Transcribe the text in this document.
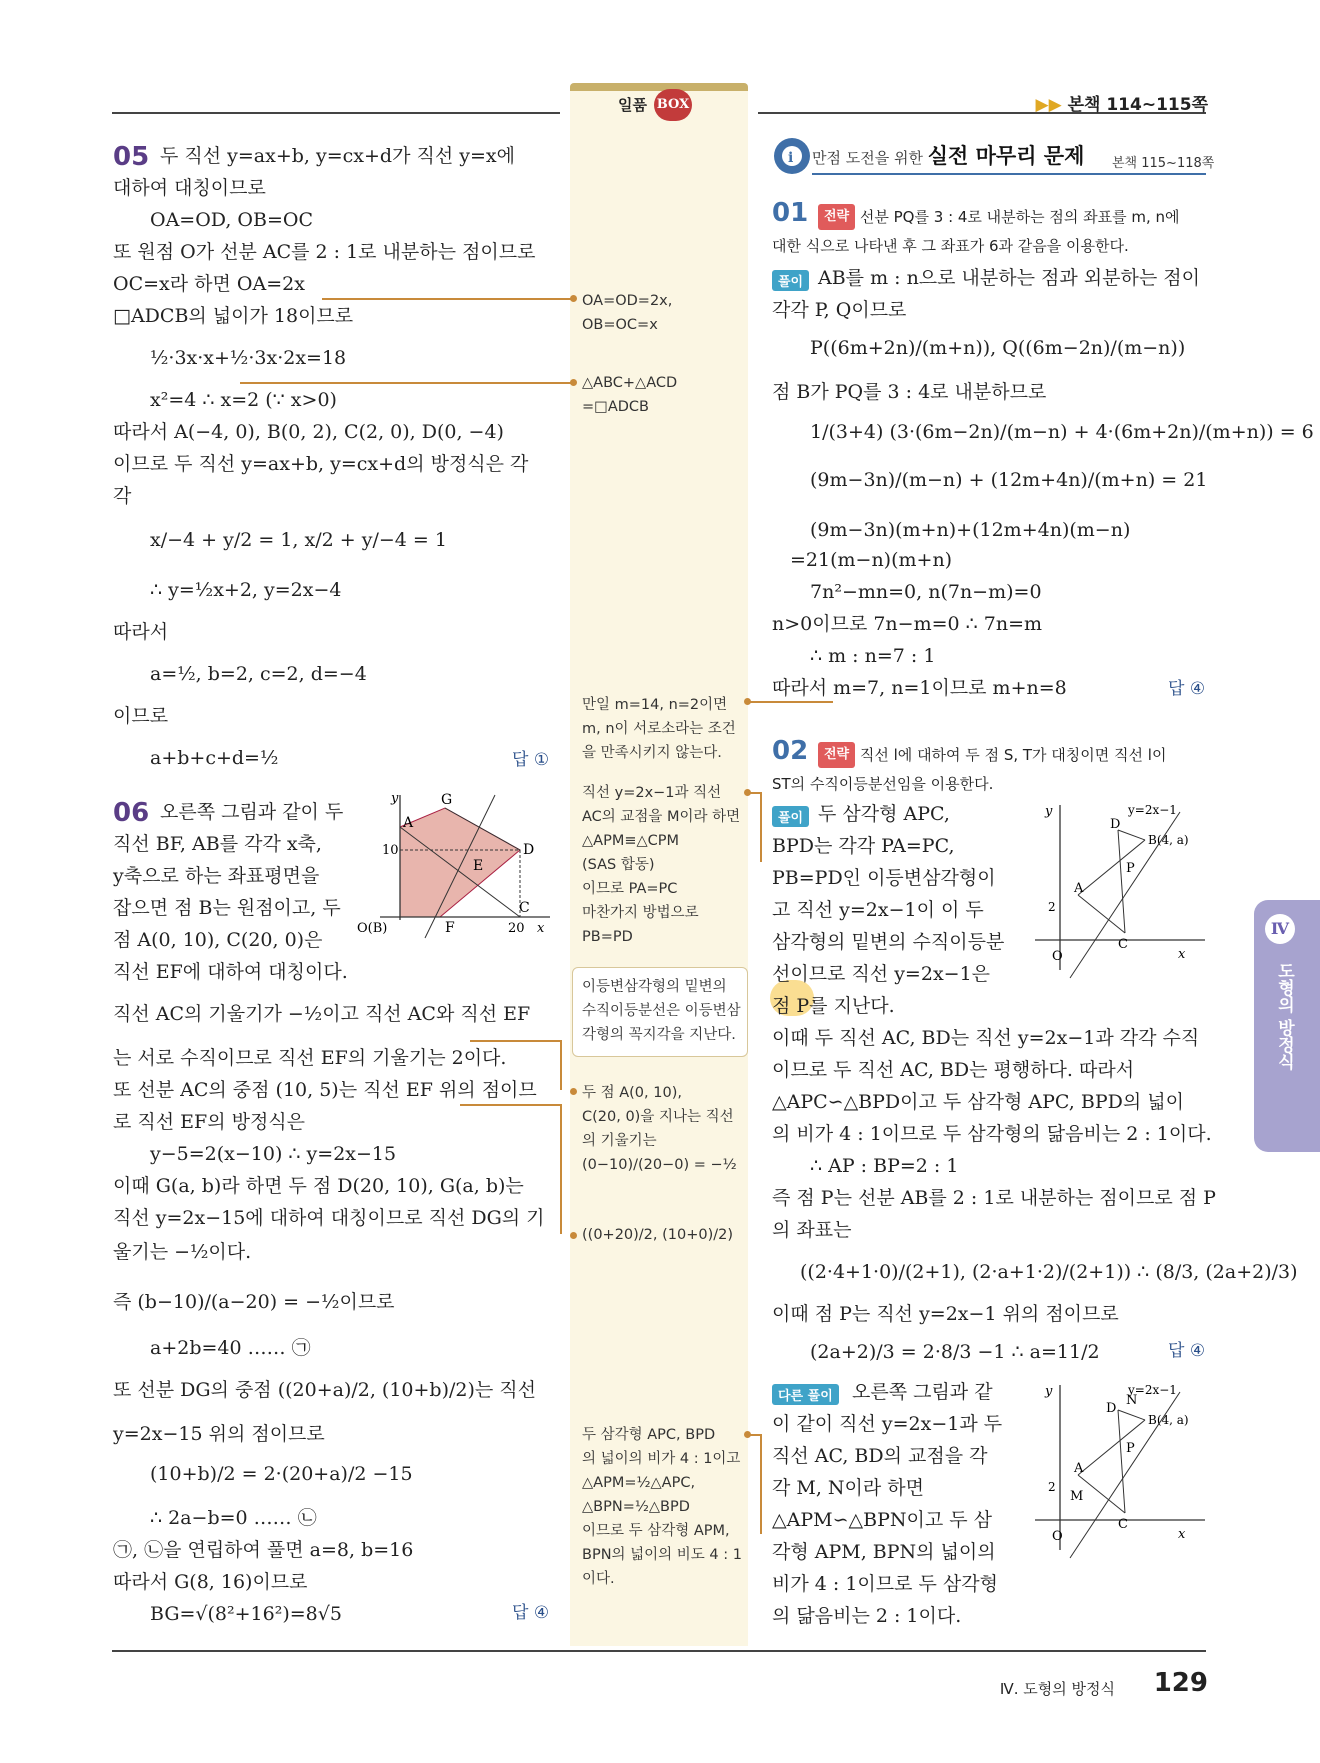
일품 BOX	▶▶ 본책 114~115쪽
05 두 직선 y=ax+b, y=cx+d가 직선 y=x에
대하여 대칭이므로
OA=OD, OB=OC
또 원점 O가 선분 AC를 2 : 1로 내분하는 점이므로
OC=x라 하면 OA=2x
□ADCB의 넓이가 18이므로
½·3x·x+½·3x·2x=18
x²=4 ∴ x=2 (∵ x>0)
따라서 A(−4, 0), B(0, 2), C(2, 0), D(0, −4)
이므로 두 직선 y=ax+b, y=cx+d의 방정식은 각
각
x/−4 + y/2 = 1, x/2 + y/−4 = 1
∴ y=½x+2, y=2x−4
따라서
a=½, b=2, c=2, d=−4
이므로
a+b+c+d=½	답 ①
06 오른쪽 그림과 같이 두
직선 BF, AB를 각각 x축,
y축으로 하는 좌표평면을
잡으면 점 B는 원점이고, 두
점 A(0, 10), C(20, 0)은
직선 EF에 대하여 대칭이다.
직선 AC의 기울기가 −½이고 직선 AC와 직선 EF
는 서로 수직이므로 직선 EF의 기울기는 2이다.
또 선분 AC의 중점 (10, 5)는 직선 EF 위의 점이므
로 직선 EF의 방정식은
y−5=2(x−10) ∴ y=2x−15
이때 G(a, b)라 하면 두 점 D(20, 10), G(a, b)는
직선 y=2x−15에 대하여 대칭이므로 직선 DG의 기
울기는 −½이다.
즉 (b−10)/(a−20) = −½이므로
a+2b=40 …… ㉠
또 선분 DG의 중점 ((20+a)/2, (10+b)/2)는 직선
y=2x−15 위의 점이므로
(10+b)/2 = 2·(20+a)/2 −15
∴ 2a−b=0 …… ㉡
㉠, ㉡을 연립하여 풀면 a=8, b=16
따라서 G(8, 16)이므로
BG=√(8²+16²)=8√5	답 ④
y	G
A
10
E
D
C
O(B)	F	20 x
OA=OD=2x,
OB=OC=x
△ABC+△ACD
=□ADCB
만일 m=14, n=2이면
m, n이 서로소라는 조건
을 만족시키지 않는다.
직선 y=2x−1과 직선
AC의 교점을 M이라 하면
△APM≡△CPM
(SAS 합동)
이므로 PA=PC
마찬가지 방법으로
PB=PD
이등변삼각형의 밑변의
수직이등분선은 이등변삼
각형의 꼭지각을 지난다.
두 점 A(0, 10),
C(20, 0)을 지나는 직선
의 기울기는
(0−10)/(20−0) = −½
((0+20)/2, (10+0)/2)
두 삼각형 APC, BPD
의 넓이의 비가 4 : 1이고
△APM=½△APC,
△BPN=½△BPD
이므로 두 삼각형 APM,
BPN의 넓이의 비도 4 : 1
이다.
i 만점 도전을 위한 실전 마무리 문제 본책 115~118쪽
01	전략 선분 PQ를 3 : 4로 내분하는 점의 좌표를 m, n에
대한 식으로 나타낸 후 그 좌표가 6과 같음을 이용한다.
풀이 AB를 m : n으로 내분하는 점과 외분하는 점이
각각 P, Q이므로
P((6m+2n)/(m+n)), Q((6m−2n)/(m−n))
점 B가 PQ를 3 : 4로 내분하므로
1/(3+4) (3·(6m−2n)/(m−n) + 4·(6m+2n)/(m+n)) = 6
(9m−3n)/(m−n) + (12m+4n)/(m+n) = 21
(9m−3n)(m+n)+(12m+4n)(m−n)
=21(m−n)(m+n)
7n²−mn=0, n(7n−m)=0
n>0이므로 7n−m=0 ∴ 7n=m
∴ m : n=7 : 1
따라서 m=7, n=1이므로 m+n=8	답 ④
02	전략 직선 l에 대하여 두 점 S, T가 대칭이면 직선 l이
ST의 수직이등분선임을 이용한다.
풀이 두 삼각형 APC,
BPD는 각각 PA=PC,
PB=PD인 이등변삼각형이
고 직선 y=2x−1이 이 두
삼각형의 밑변의 수직이등분
선이므로 직선 y=2x−1은
점 P를 지난다.
이때 두 직선 AC, BD는 직선 y=2x−1과 각각 수직
이므로 두 직선 AC, BD는 평행하다. 따라서
△APC∽△BPD이고 두 삼각형 APC, BPD의 넓이
의 비가 4 : 1이므로 두 삼각형의 닮음비는 2 : 1이다.
∴ AP : BP=2 : 1
즉 점 P는 선분 AB를 2 : 1로 내분하는 점이므로 점 P
의 좌표는
((2·4+1·0)/(2+1), (2·a+1·2)/(2+1)) ∴ (8/3, (2a+2)/3)
이때 점 P는 직선 y=2x−1 위의 점이므로
(2a+2)/3 = 2·8/3 −1 ∴ a=11/2
다른 풀이	오른쪽 그림과 같
이 같이 직선 y=2x−1과 두
직선 AC, BD의 교점을 각
각 M, N이라 하면
△APM∽△BPN이고 두 삼
각형 APM, BPN의 넓이의
비가 4 : 1이므로 두 삼각형
의 닮음비는 2 : 1이다.
답 ④
y	y=2x−1
D
B(4, a)
P
A
2
C
O	x
y	y=2x−1
D
N
B(4, a)
P
A
2
M
C
O	x
Ⅳ
도형의 방정식
Ⅳ. 도형의 방정식 129
